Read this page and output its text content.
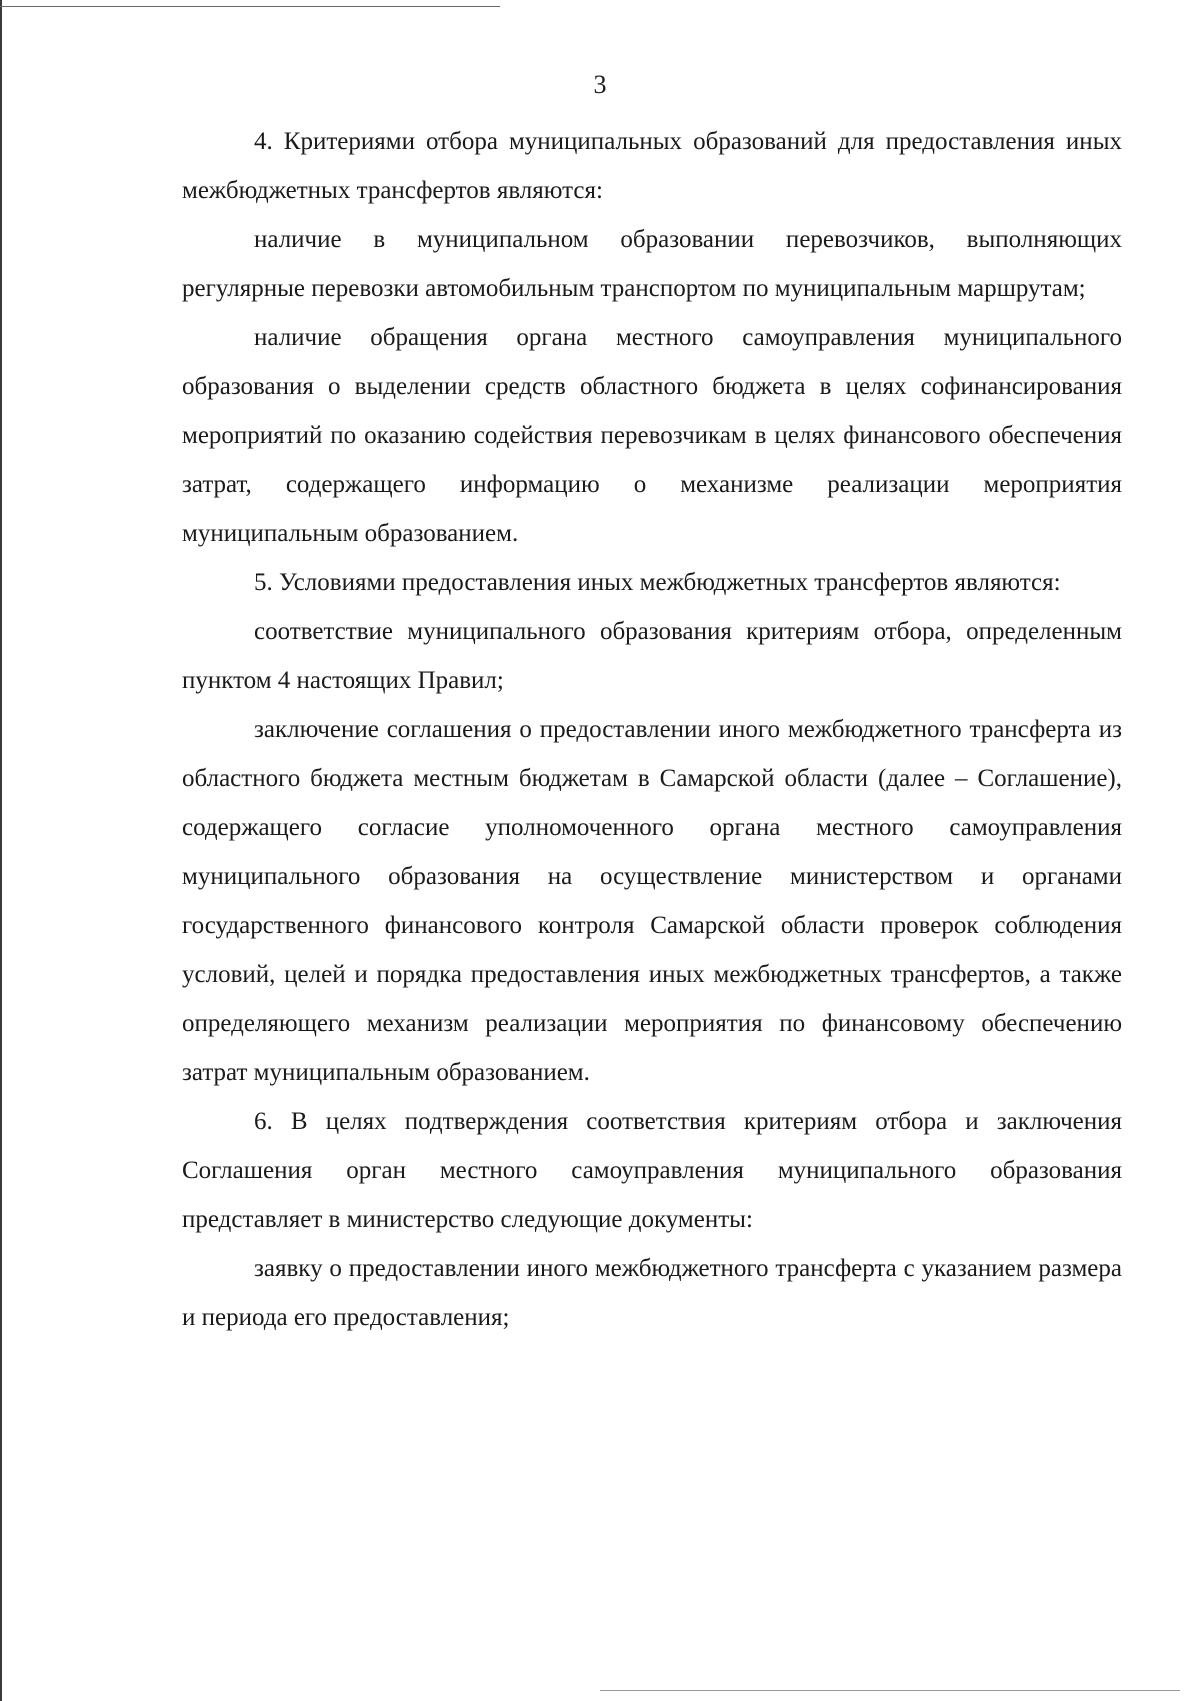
3

4. Критериями отбора муниципальных образований для предоставления иных межбюджетных трансфертов являются:

наличие в муниципальном образовании перевозчиков, выполняющих регулярные перевозки автомобильным транспортом по муниципальным маршрутам;

наличие обращения органа местного самоуправления муниципального образования о выделении средств областного бюджета в целях софинансирования мероприятий по оказанию содействия перевозчикам в целях финансового обеспечения затрат, содержащего информацию о механизме реализации мероприятия муниципальным образованием.

5. Условиями предоставления иных межбюджетных трансфертов являются:

соответствие муниципального образования критериям отбора, определенным пунктом 4 настоящих Правил;

заключение соглашения о предоставлении иного межбюджетного трансферта из областного бюджета местным бюджетам в Самарской области (далее – Соглашение), содержащего согласие уполномоченного органа местного самоуправления муниципального образования на осуществление министерством и органами государственного финансового контроля Самарской области проверок соблюдения условий, целей и порядка предоставления иных межбюджетных трансфертов, а также определяющего механизм реализации мероприятия по финансовому обеспечению затрат муниципальным образованием.

6. В целях подтверждения соответствия критериям отбора и заключения Соглашения орган местного самоуправления муниципального образования представляет в министерство следующие документы:

заявку о предоставлении иного межбюджетного трансферта с указанием размера и периода его предоставления;
